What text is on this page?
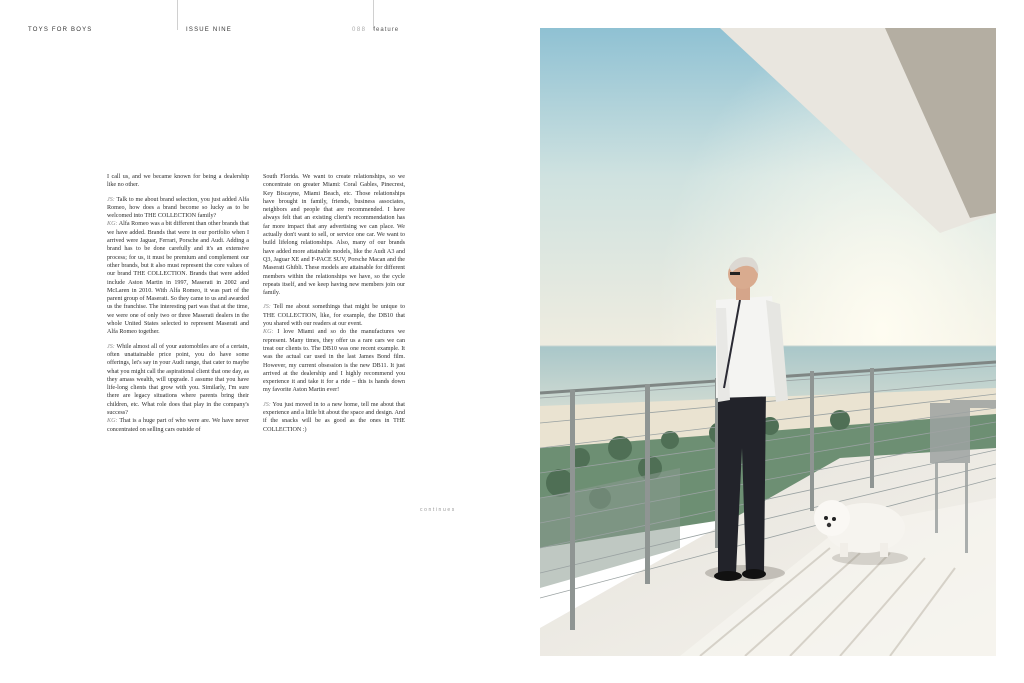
TOYS FOR BOYS	ISSUE NINE	088 feature

I call us, and we became known for being a dealership like no other.

JS: Talk to me about brand selection, you just added Alfa Romeo, how does a brand become so lucky as to be welcomed into THE COLLECTION family?

KG: Alfa Romeo was a bit different than other brands that we have added. Brands that were in our portfolio when I arrived were Jaguar, Ferrari, Porsche and Audi. Adding a brand has to be done carefully and it's an extensive process; for us, it must be premium and complement our other brands, but it also must represent the core values of our brand THE COLLECTION. Brands that were added include Aston Martin in 1997, Maserati in 2002 and McLaren in 2010. With Alfa Romeo, it was part of the parent group of Maserati. So they came to us and awarded us the franchise. The interesting part was that at the time, we were one of only two or three Maserati dealers in the whole United States selected to represent Maserati and Alfa Romeo together.

JS: While almost all of your automobiles are of a certain, often unattainable price point, you do have some offerings, let's say in your Audi range, that cater to maybe what you might call the aspirational client that one day, as they amass wealth, will upgrade. I assume that you have life-long clients that grow with you. Similarly, I'm sure there are legacy situations where parents bring their children, etc. What role does that play in the company's success?

KG: That is a huge part of who were are. We have never concentrated on selling cars outside of

South Florida. We want to create relationships, so we concentrate on greater Miami: Coral Gables, Pinecrest, Key Biscayne, Miami Beach, etc. Those relationships have brought in family, friends, business associates, neighbors and people that are recommended. I have always felt that an existing client's recommendation has far more impact that any advertising we can place. We actually don't want to sell, or service one car. We want to build lifelong relationships. Also, many of our brands have added more attainable models, like the Audi A3 and Q3, Jaguar XE and F-PACE SUV, Porsche Macan and the Maserati Ghibli. These models are attainable for different members within the relationships we have, so the cycle repeats itself, and we keep having new members join our family.

JS: Tell me about somethings that might be unique to THE COLLECTION, like, for example, the DB10 that you shared with our readers at our event.

KG: I love Miami and so do the manufactures we represent. Many times, they offer us a rare cars we can treat our clients to. The DB10 was one recent example. It was the actual car used in the last James Bond film. However, my current obsession is the new DB11. It just arrived at the dealership and I highly recommend you experience it and take it for a ride – this is hands down my favorite Aston Martin ever!

JS: You just moved in to a new home, tell me about that experience and a little bit about the space and design. And if the snacks will be as good as the ones in THE COLLECTION :)

continues
